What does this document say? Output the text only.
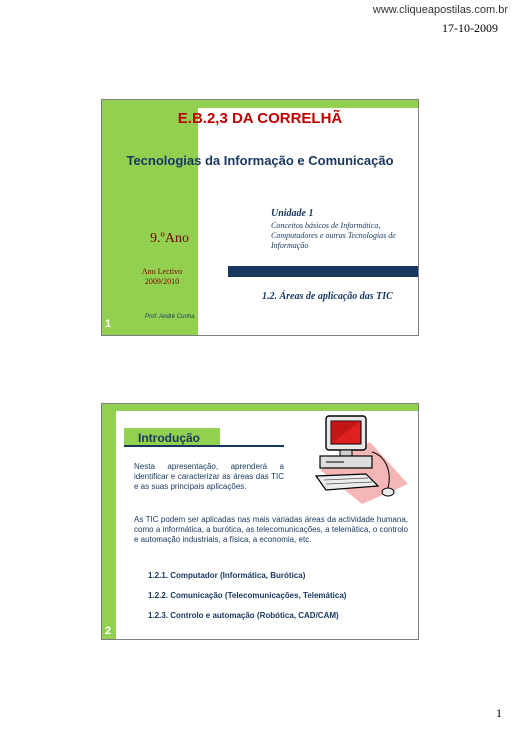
www.cliqueapostilas.com.br
17-10-2009
E.B.2,3 DA CORRELHÃ
Tecnologias da Informação e Comunicação
Unidade 1
Conceitos básicos de Informática, Computadores e outras Tecnologias de Informação
9.ºAno
Ano Lectivo
2009/2010
1.2. Áreas de aplicação das TIC
Prof. André Cunha
1
Introdução
Nesta apresentação, aprenderá a identificar e caracterizar as áreas das TIC e as suas principais aplicações.
As TIC podem ser aplicadas nas mais variadas áreas da actividade humana, como a informática, a burótica, as telecomunicações, a telemática, o controlo e automação industriais, a física, a economia, etc.
1.2.1. Computador (Informática, Burótica)
1.2.2. Comunicação (Telecomunicações, Telemática)
1.2.3. Controlo e automação (Robótica, CAD/CAM)
2
1
